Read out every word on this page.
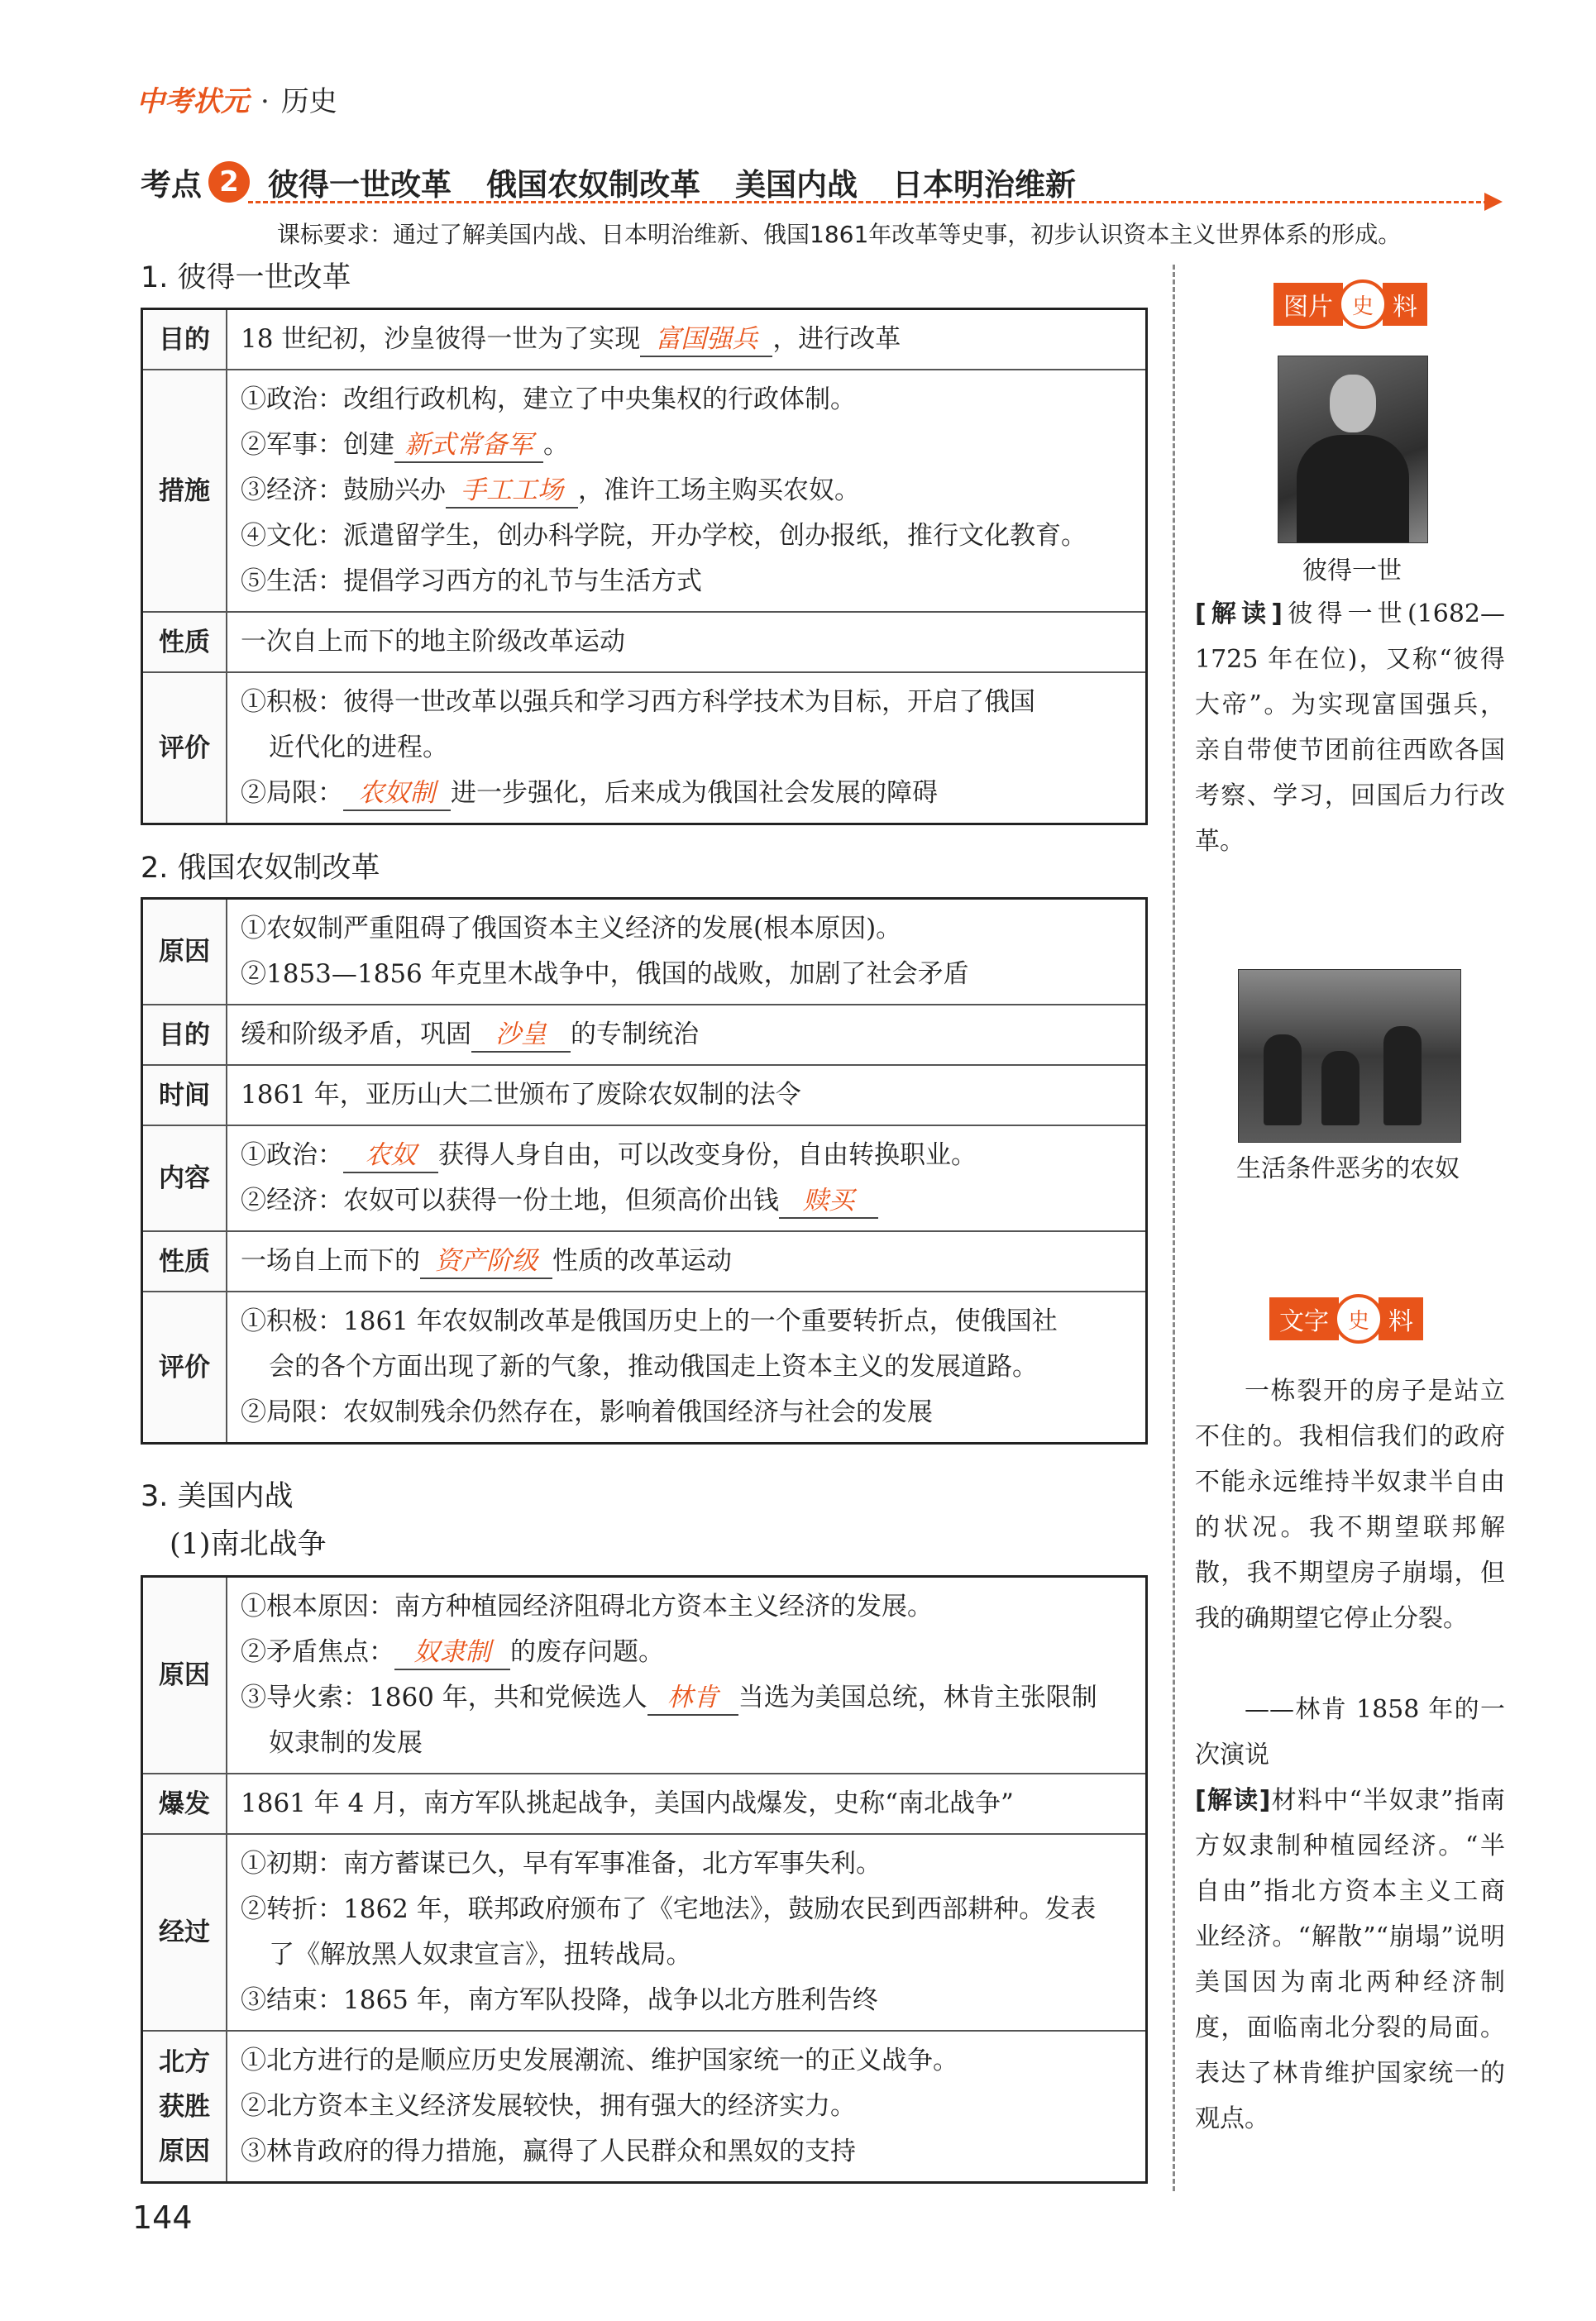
中考状元 · 历史
考点 2 彼得一世改革 俄国农奴制改革 美国内战 日本明治维新
课标要求：通过了解美国内战、日本明治维新、俄国1861年改革等史事，初步认识资本主义世界体系的形成。
1. 彼得一世改革
目的	18 世纪初，沙皇彼得一世为了实现 富国强兵 ，进行改革
措施	①政治：改组行政机构，建立了中央集权的行政体制。
②军事：创建 新式常备军 。
③经济：鼓励兴办 手工工场 ，准许工场主购买农奴。
④文化：派遣留学生，创办科学院，开办学校，创办报纸，推行文化教育。
⑤生活：提倡学习西方的礼节与生活方式

性质	一次自上而下的地主阶级改革运动
评价	①积极：彼得一世改革以强兵和学习西方科学技术为目标，开启了俄国
近代化的进程。
②局限： 农奴制 进一步强化，后来成为俄国社会发展的障碍
2. 俄国农奴制改革
原因	①农奴制严重阻碍了俄国资本主义经济的发展(根本原因)。
②1853—1856 年克里木战争中，俄国的战败，加剧了社会矛盾

目的	缓和阶级矛盾，巩固 沙皇 的专制统治
时间	1861 年，亚历山大二世颁布了废除农奴制的法令
内容	①政治： 农奴 获得人身自由，可以改变身份，自由转换职业。
②经济：农奴可以获得一份土地，但须高价出钱 赎买

性质	一场自上而下的 资产阶级 性质的改革运动
评价	①积极：1861 年农奴制改革是俄国历史上的一个重要转折点，使俄国社
会的各个方面出现了新的气象，推动俄国走上资本主义的发展道路。
②局限：农奴制残余仍然存在，影响着俄国经济与社会的发展
3. 美国内战
(1)南北战争
原因	①根本原因：南方种植园经济阻碍北方资本主义经济的发展。
②矛盾焦点： 奴隶制 的废存问题。
③导火索：1860 年，共和党候选人 林肯 当选为美国总统，林肯主张限制
奴隶制的发展

爆发	1861 年 4 月，南方军队挑起战争，美国内战爆发，史称“南北战争”
经过	①初期：南方蓄谋已久，早有军事准备，北方军事失利。
②转折：1862 年，联邦政府颁布了《宅地法》，鼓励农民到西部耕种。发表
了《解放黑人奴隶宣言》，扭转战局。
③结束：1865 年，南方军队投降，战争以北方胜利告终

北方
获胜
原因	①北方进行的是顺应历史发展潮流、维护国家统一的正义战争。
②北方资本主义经济发展较快，拥有强大的经济实力。
③林肯政府的得力措施，赢得了人民群众和黑奴的支持
图片 史 料
彼得一世
[解读]彼得一世(1682—1725 年在位)，又称“彼得大帝”。为实现富国强兵，亲自带使节团前往西欧各国考察、学习，回国后力行改革。
生活条件恶劣的农奴
文字 史 料
一栋裂开的房子是站立不住的。我相信我们的政府不能永远维持半奴隶半自由的状况。我不期望联邦解散，我不期望房子崩塌，但我的确期望它停止分裂。
——林肯 1858 年的一次演说
[解读]材料中“半奴隶”指南方奴隶制种植园经济。“半自由”指北方资本主义工商业经济。“解散”“崩塌”说明美国因为南北两种经济制度，面临南北分裂的局面。表达了林肯维护国家统一的观点。
144
